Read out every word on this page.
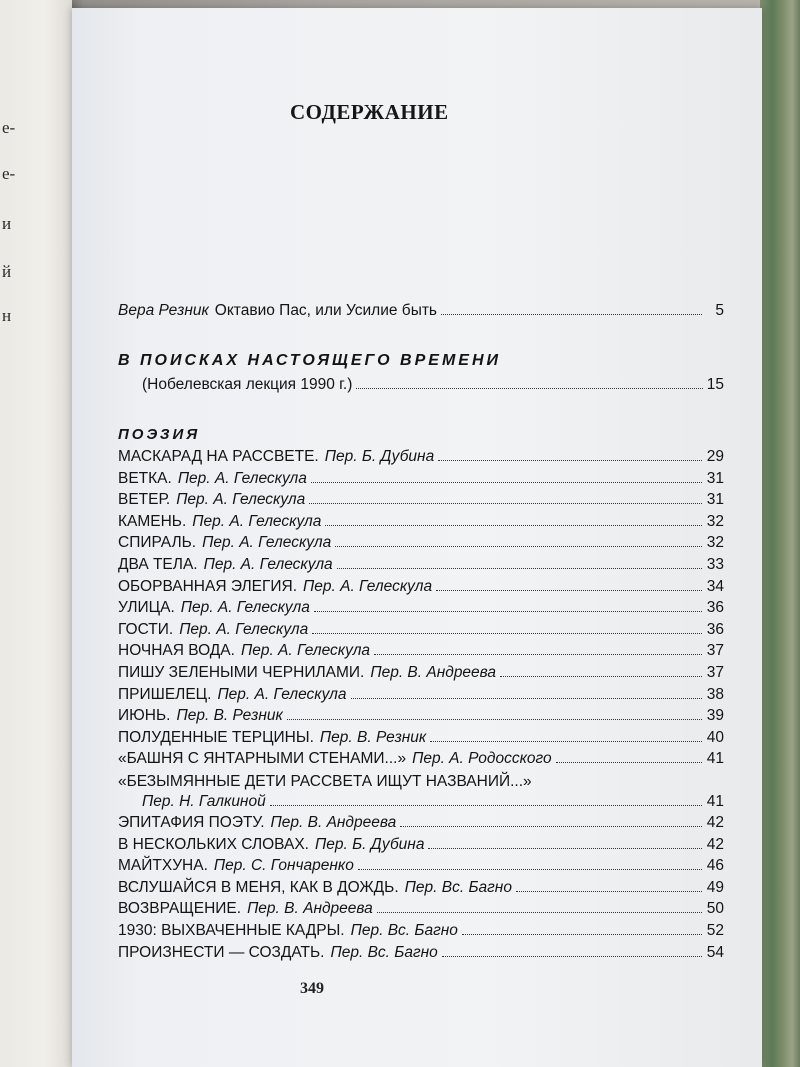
е-
е-
и
й
н
СОДЕРЖАНИЕ
Вера Резник Октавио Пас, или Усилие быть	5
В ПОИСКАХ НАСТОЯЩЕГО ВРЕМЕНИ
(Нобелевская лекция 1990 г.)	15
ПОЭЗИЯ
МАСКАРАД НА РАССВЕТЕ. Пер. Б. Дубина	29
ВЕТКА. Пер. А. Гелескула	31
ВЕТЕР. Пер. А. Гелескула	31
КАМЕНЬ. Пер. А. Гелескула	32
СПИРАЛЬ. Пер. А. Гелескула	32
ДВА ТЕЛА. Пер. А. Гелескула	33
ОБОРВАННАЯ ЭЛЕГИЯ. Пер. А. Гелескула	34
УЛИЦА. Пер. А. Гелескула	36
ГОСТИ. Пер. А. Гелескула	36
НОЧНАЯ ВОДА. Пер. А. Гелескула	37
ПИШУ ЗЕЛЕНЫМИ ЧЕРНИЛАМИ. Пер. В. Андреева	37
ПРИШЕЛЕЦ. Пер. А. Гелескула	38
ИЮНЬ. Пер. В. Резник	39
ПОЛУДЕННЫЕ ТЕРЦИНЫ. Пер. В. Резник	40
«БАШНЯ С ЯНТАРНЫМИ СТЕНАМИ...» Пер. А. Родосского	41
«БЕЗЫМЯННЫЕ ДЕТИ РАССВЕТА ИЩУТ НАЗВАНИЙ...»
Пер. Н. Галкиной	41
ЭПИТАФИЯ ПОЭТУ. Пер. В. Андреева	42
В НЕСКОЛЬКИХ СЛОВАХ. Пер. Б. Дубина	42
МАЙТХУНА. Пер. С. Гончаренко	46
ВСЛУШАЙСЯ В МЕНЯ, КАК В ДОЖДЬ. Пер. Вс. Багно	49
ВОЗВРАЩЕНИЕ. Пер. В. Андреева	50
1930: ВЫХВАЧЕННЫЕ КАДРЫ. Пер. Вс. Багно	52
ПРОИЗНЕСТИ — СОЗДАТЬ. Пер. Вс. Багно	54
349
